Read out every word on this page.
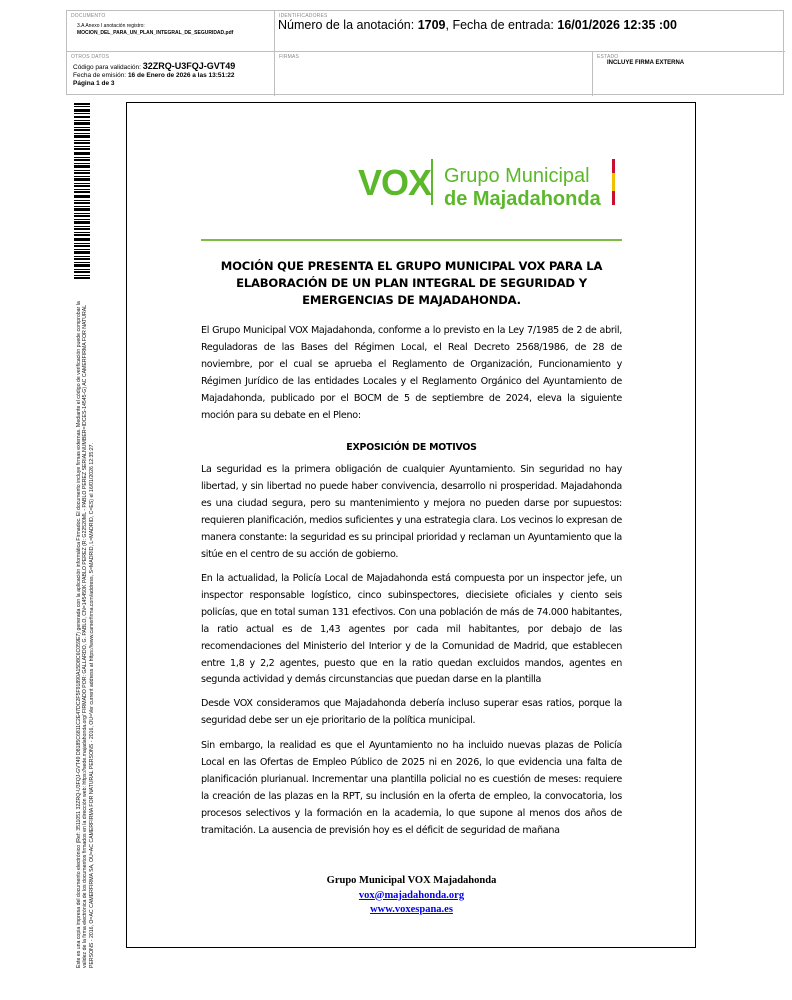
DOCUMENTO
3.A Anexo I anotación registro: MOCION_DEL_PARA_UN_PLAN_INTEGRAL_DE_SEGURIDAD.pdf
IDENTIFICADORES
Número de la anotación: 1709, Fecha de entrada: 16/01/2026 12:35 :00
OTROS DATOS
Código para validación: 32ZRQ-U3FQJ-GVT49
Fecha de emisión: 16 de Enero de 2026 a las 13:51:22
Página 1 de 3
FIRMAS	ESTADO
INCLUYE FIRMA EXTERNA
Este es una copia impresa del documento electrónico (Ref: 3511051 32ZRQ-U3FQJ-GVT49 D8185C6811C2E47DC2F5F91890A15D8C6C059E7) generada con la aplicación informática Firmadoc. El documento incluye firmas externas. Mediante el código de verificación puede comprobar la validez de la firma electrónica de los documentos firmados en la dirección web: https://sede.majadahonda.org/ FIRMADO POR: GALLARDO, G. PABLO, CN=145450K PABLO PEREZ (R: G22520ML - PABLO PEREZ SERIALNUMBER=IDCES-14545-G) AC CAMERFIRMA FOR NATURAL PERSONS - 2016, O=AC CAMERFIRMA SA, OU=AC CAMERFIRMA FOR NATURAL PERSONS - 2016, OU=Ver current address at https://www.camerfirma.com/address, S=MADRID, L=MADRID, C=ES) el 16/01/2026 12:35:27.
VOX Grupo Municipal
de Majadahonda
MOCIÓN QUE PRESENTA EL GRUPO MUNICIPAL VOX PARA LA ELABORACIÓN DE UN PLAN INTEGRAL DE SEGURIDAD Y EMERGENCIAS DE MAJADAHONDA.

El Grupo Municipal VOX Majadahonda, conforme a lo previsto en la Ley 7/1985 de 2 de abril, Reguladoras de las Bases del Régimen Local, el Real Decreto 2568/1986, de 28 de noviembre, por el cual se aprueba el Reglamento de Organización, Funcionamiento y Régimen Jurídico de las entidades Locales y el Reglamento Orgánico del Ayuntamiento de Majadahonda, publicado por el BOCM de 5 de septiembre de 2024, eleva la siguiente moción para su debate en el Pleno:

EXPOSICIÓN DE MOTIVOS

La seguridad es la primera obligación de cualquier Ayuntamiento. Sin seguridad no hay libertad, y sin libertad no puede haber convivencia, desarrollo ni prosperidad. Majadahonda es una ciudad segura, pero su mantenimiento y mejora no pueden darse por supuestos: requieren planificación, medios suficientes y una estrategia clara. Los vecinos lo expresan de manera constante: la seguridad es su principal prioridad y reclaman un Ayuntamiento que la sitúe en el centro de su acción de gobierno.

En la actualidad, la Policía Local de Majadahonda está compuesta por un inspector jefe, un inspector responsable logístico, cinco subinspectores, diecisiete oficiales y ciento seis policías, que en total suman 131 efectivos. Con una población de más de 74.000 habitantes, la ratio actual es de 1,43 agentes por cada mil habitantes, por debajo de las recomendaciones del Ministerio del Interior y de la Comunidad de Madrid, que establecen entre 1,8 y 2,2 agentes, puesto que en la ratio quedan excluidos mandos, agentes en segunda actividad y demás circunstancias que puedan darse en la plantilla

Desde VOX consideramos que Majadahonda debería incluso superar esas ratios, porque la seguridad debe ser un eje prioritario de la política municipal.

Sin embargo, la realidad es que el Ayuntamiento no ha incluido nuevas plazas de Policía Local en las Ofertas de Empleo Público de 2025 ni en 2026, lo que evidencia una falta de planificación plurianual. Incrementar una plantilla policial no es cuestión de meses: requiere la creación de las plazas en la RPT, su inclusión en la oferta de empleo, la convocatoria, los procesos selectivos y la formación en la academia, lo que supone al menos dos años de tramitación. La ausencia de previsión hoy es el déficit de seguridad de mañana

Grupo Municipal VOX Majadahonda
vox@majadahonda.org
www.voxespana.es
